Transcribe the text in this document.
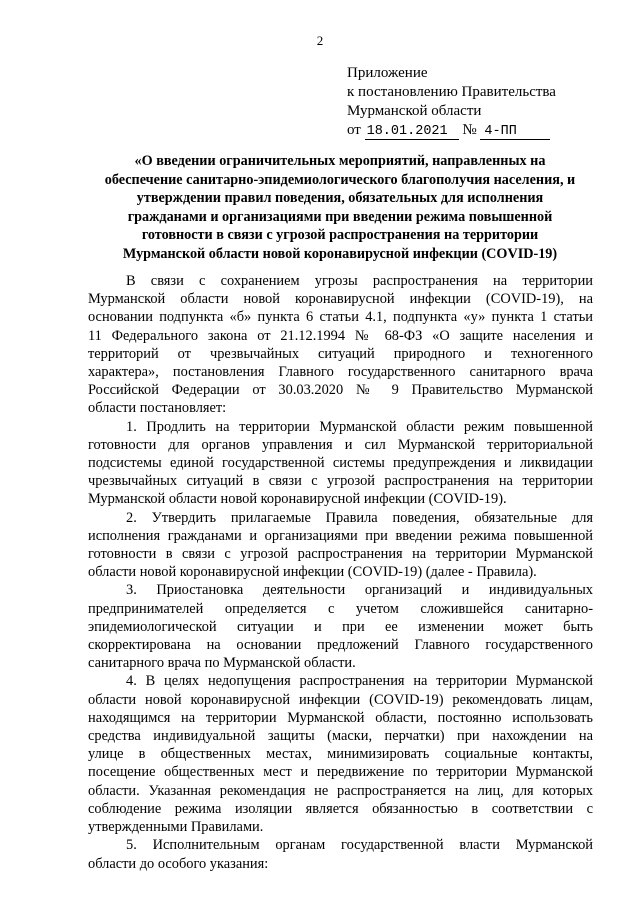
2
Приложение
к постановлению Правительства
Мурманской области
от 18.01.2021 № 4-ПП
«О введении ограничительных мероприятий, направленных на
обеспечение санитарно-эпидемиологического благополучия населения, и
утверждении правил поведения, обязательных для исполнения
гражданами и организациями при введении режима повышенной
готовности в связи с угрозой распространения на территории
Мурманской области новой коронавирусной инфекции (COVID-19)
В связи с сохранением угрозы распространения на территории
Мурманской области новой коронавирусной инфекции (COVID-19), на
основании подпункта «б» пункта 6 статьи 4.1, подпункта «у» пункта 1 статьи
11 Федерального закона от 21.12.1994 № 68-ФЗ «О защите населения и
территорий от чрезвычайных ситуаций природного и техногенного
характера», постановления Главного государственного санитарного врача
Российской Федерации от 30.03.2020 № 9 Правительство Мурманской
области постановляет:
1. Продлить на территории Мурманской области режим повышенной
готовности для органов управления и сил Мурманской территориальной
подсистемы единой государственной системы предупреждения и ликвидации
чрезвычайных ситуаций в связи с угрозой распространения на территории
Мурманской области новой коронавирусной инфекции (COVID-19).
2. Утвердить прилагаемые Правила поведения, обязательные для
исполнения гражданами и организациями при введении режима повышенной
готовности в связи с угрозой распространения на территории Мурманской
области новой коронавирусной инфекции (COVID-19) (далее - Правила).
3. Приостановка деятельности организаций и индивидуальных
предпринимателей определяется с учетом сложившейся санитарно-
эпидемиологической ситуации и при ее изменении может быть
скорректирована на основании предложений Главного государственного
санитарного врача по Мурманской области.
4. В целях недопущения распространения на территории Мурманской
области новой коронавирусной инфекции (COVID-19) рекомендовать лицам,
находящимся на территории Мурманской области, постоянно использовать
средства индивидуальной защиты (маски, перчатки) при нахождении на
улице в общественных местах, минимизировать социальные контакты,
посещение общественных мест и передвижение по территории Мурманской
области. Указанная рекомендация не распространяется на лиц, для которых
соблюдение режима изоляции является обязанностью в соответствии с
утвержденными Правилами.
5. Исполнительным органам государственной власти Мурманской
области до особого указания:
